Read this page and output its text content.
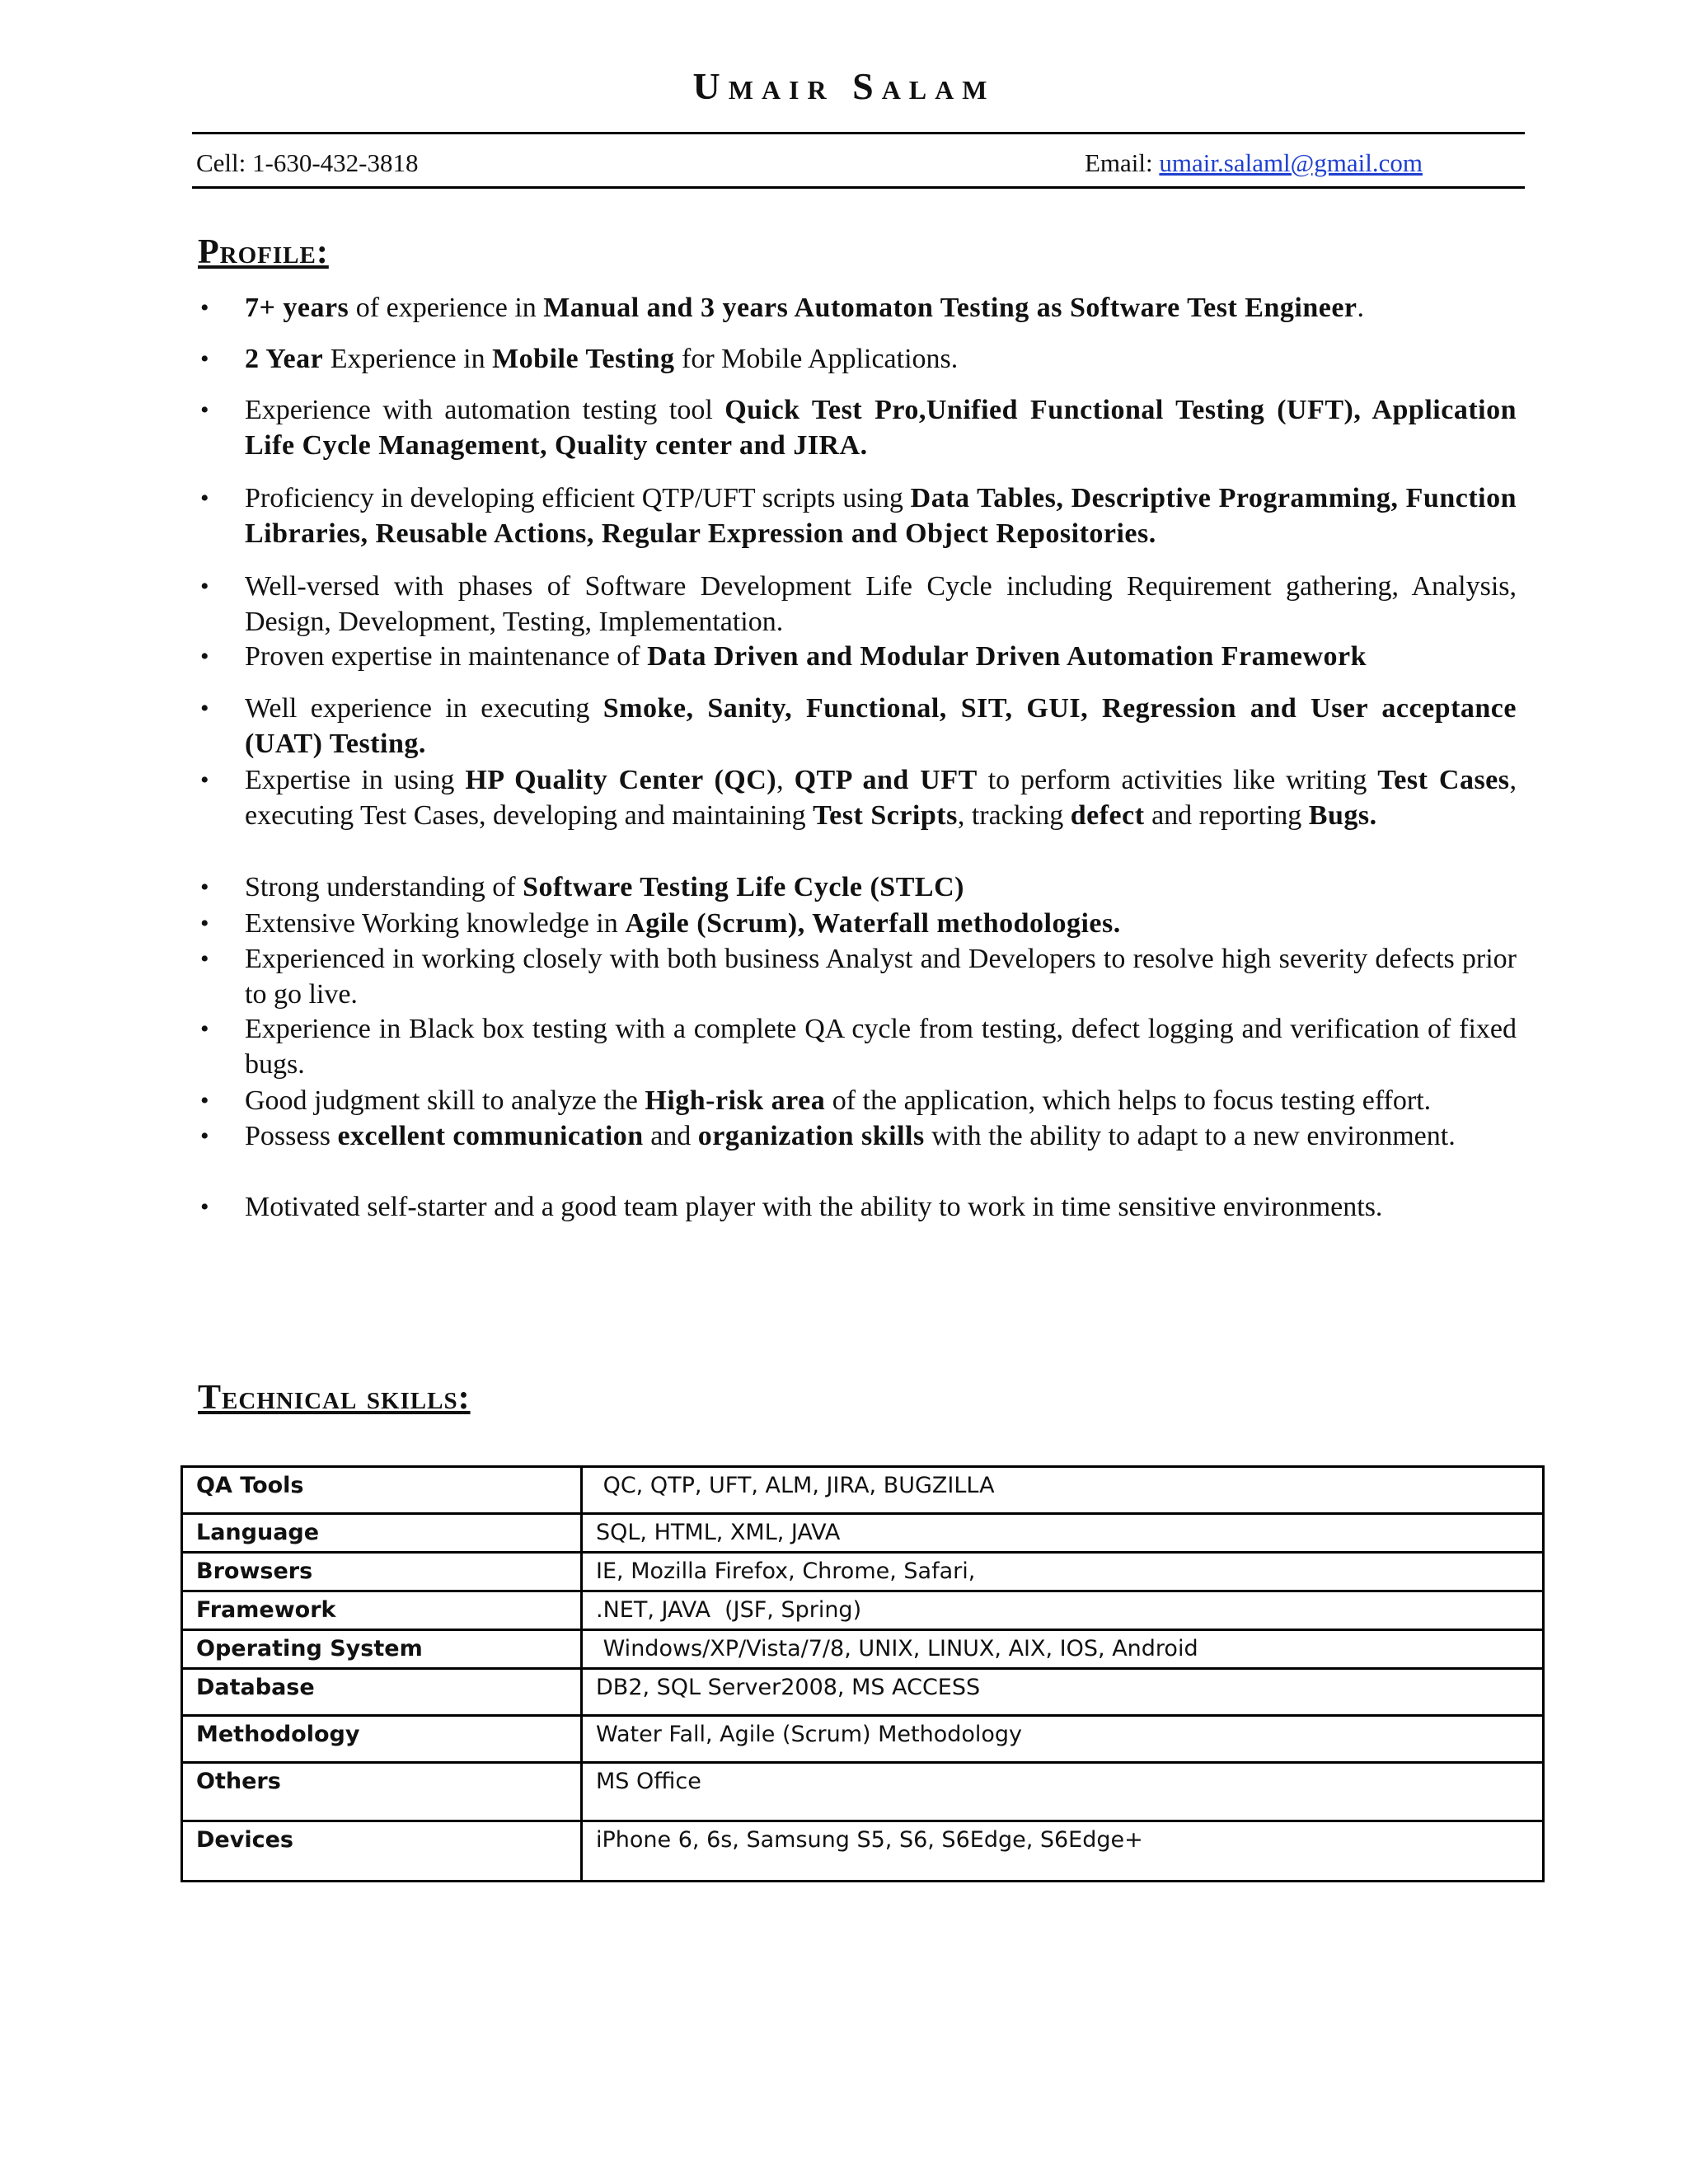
Umair Salam
Cell: 1-630-432-3818	Email: umair.salaml@gmail.com
Profile:
• 7+ years of experience in Manual and 3 years Automaton Testing as Software Test Engineer.
• 2 Year Experience in Mobile Testing for Mobile Applications.
• Experience with automation testing tool Quick Test Pro,Unified Functional Testing (UFT), Application Life Cycle Management, Quality center and JIRA.
• Proficiency in developing efficient QTP/UFT scripts using Data Tables, Descriptive Programming, Function Libraries, Reusable Actions, Regular Expression and Object Repositories.
• Well-versed with phases of Software Development Life Cycle including Requirement gathering, Analysis, Design, Development, Testing, Implementation.
• Proven expertise in maintenance of Data Driven and Modular Driven Automation Framework
• Well experience in executing Smoke, Sanity, Functional, SIT, GUI, Regression and User acceptance (UAT) Testing.
• Expertise in using HP Quality Center (QC), QTP and UFT to perform activities like writing Test Cases, executing Test Cases, developing and maintaining Test Scripts, tracking defect and reporting Bugs.
• Strong understanding of Software Testing Life Cycle (STLC)
• Extensive Working knowledge in Agile (Scrum), Waterfall methodologies.
• Experienced in working closely with both business Analyst and Developers to resolve high severity defects prior to go live.
• Experience in Black box testing with a complete QA cycle from testing, defect logging and verification of fixed bugs.
• Good judgment skill to analyze the High-risk area of the application, which helps to focus testing effort.
• Possess excellent communication and organization skills with the ability to adapt to a new environment.
• Motivated self-starter and a good team player with the ability to work in time sensitive environments.
Technical skills:
QA Tools	QC, QTP, UFT, ALM, JIRA, BUGZILLA
Language	SQL, HTML, XML, JAVA
Browsers	IE, Mozilla Firefox, Chrome, Safari,
Framework	.NET, JAVA  (JSF, Spring)
Operating System	Windows/XP/Vista/7/8, UNIX, LINUX, AIX, IOS, Android
Database	DB2, SQL Server2008, MS ACCESS
Methodology	Water Fall, Agile (Scrum) Methodology
Others	MS Office
Devices	iPhone 6, 6s, Samsung S5, S6, S6Edge, S6Edge+
